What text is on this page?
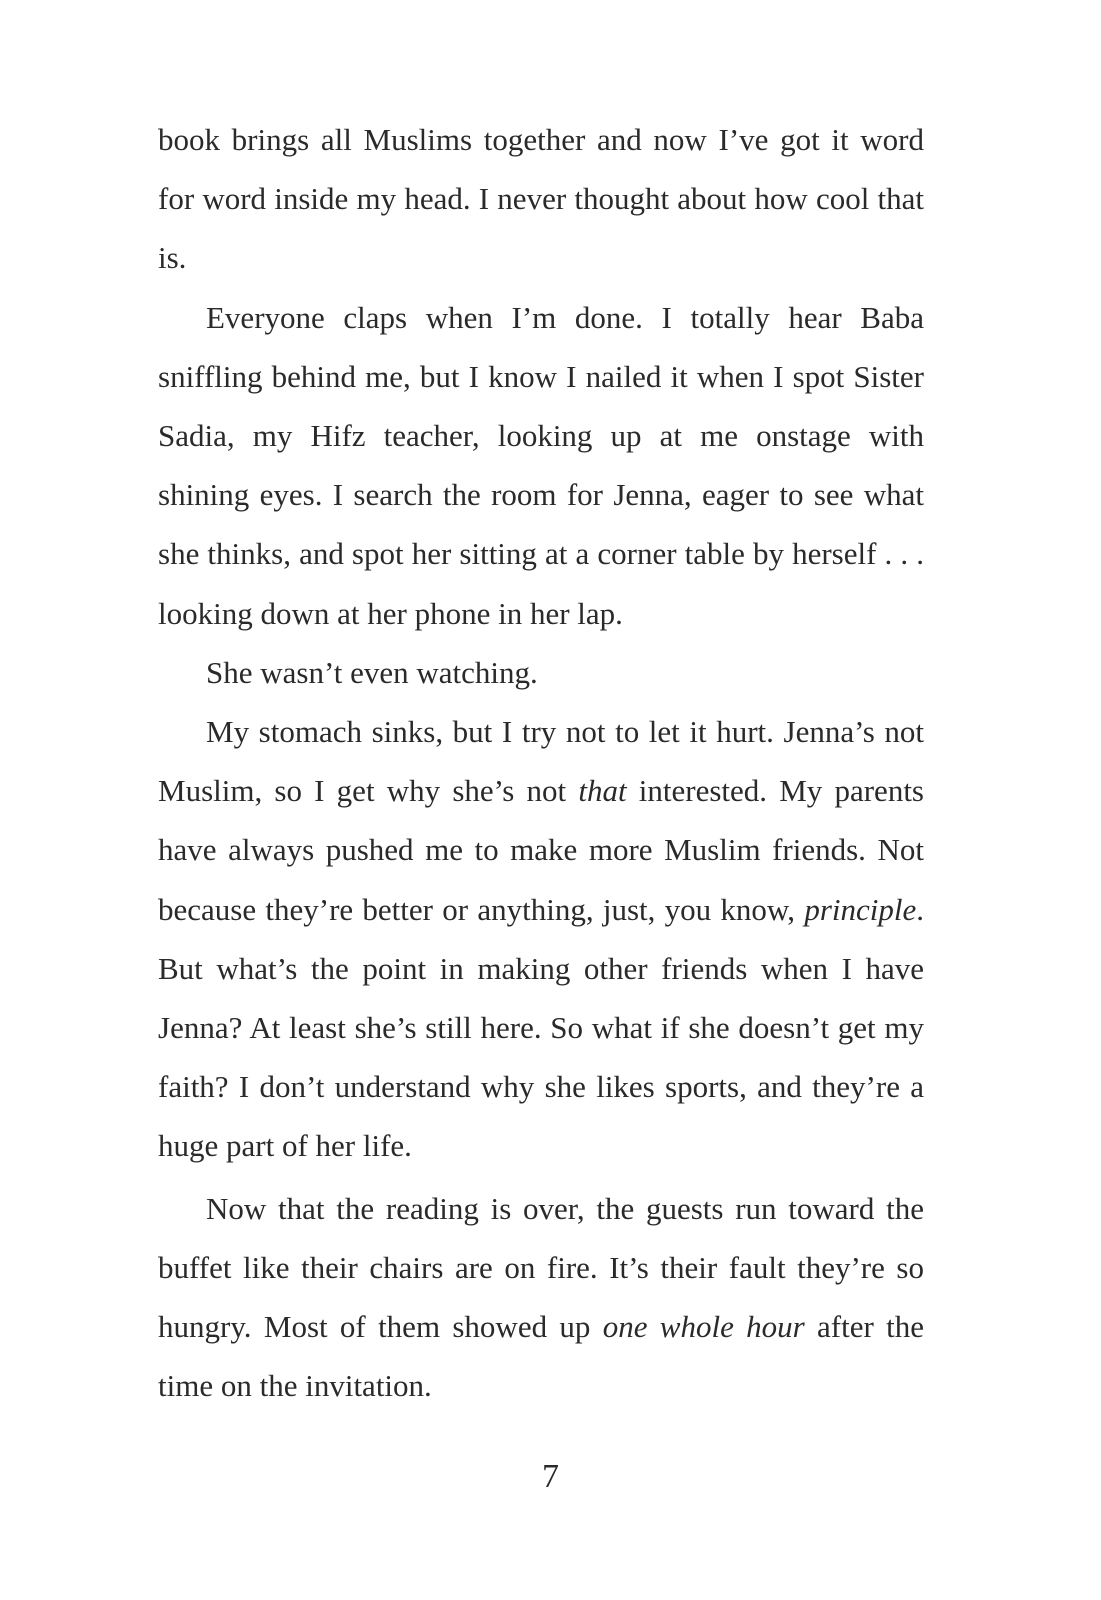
book brings all Muslims together and now I’ve got it word for word inside my head. I never thought about how cool that is.

Everyone claps when I’m done. I totally hear Baba sniffling behind me, but I know I nailed it when I spot Sister Sadia, my Hifz teacher, looking up at me onstage with shining eyes. I search the room for Jenna, eager to see what she thinks, and spot her sitting at a corner table by herself . . . looking down at her phone in her lap.

She wasn’t even watching.

My stomach sinks, but I try not to let it hurt. Jenna’s not Muslim, so I get why she’s not that interested. My parents have always pushed me to make more Muslim friends. Not because they’re better or anything, just, you know, principle. But what’s the point in making other friends when I have Jenna? At least she’s still here. So what if she doesn’t get my faith? I don’t understand why she likes sports, and they’re a huge part of her life.

Now that the reading is over, the guests run toward the buffet like their chairs are on fire. It’s their fault they’re so hungry. Most of them showed up one whole hour after the time on the invitation.

7
